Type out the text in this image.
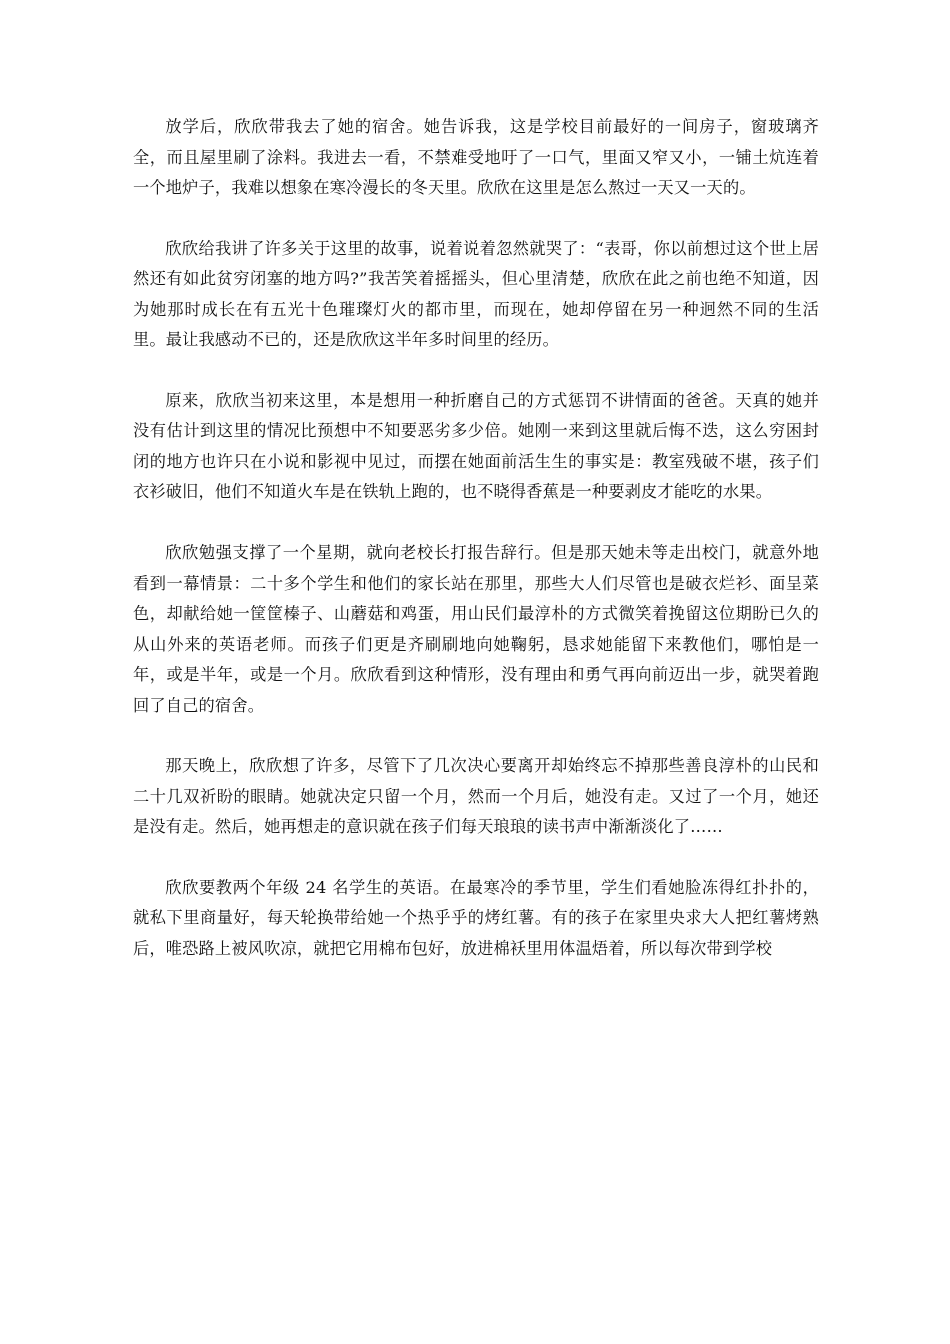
放学后，欣欣带我去了她的宿舍。她告诉我，这是学校目前最好的一间房子，窗玻璃齐全，而且屋里刷了涂料。我进去一看，不禁难受地吁了一口气，里面又窄又小，一铺土炕连着一个地炉子，我难以想象在寒冷漫长的冬天里。欣欣在这里是怎么熬过一天又一天的。

欣欣给我讲了许多关于这里的故事，说着说着忽然就哭了：“表哥，你以前想过这个世上居然还有如此贫穷闭塞的地方吗?”我苦笑着摇摇头，但心里清楚，欣欣在此之前也绝不知道，因为她那时成长在有五光十色璀璨灯火的都市里，而现在，她却停留在另一种迥然不同的生活里。最让我感动不已的，还是欣欣这半年多时间里的经历。

原来，欣欣当初来这里，本是想用一种折磨自己的方式惩罚不讲情面的爸爸。天真的她并没有估计到这里的情况比预想中不知要恶劣多少倍。她刚一来到这里就后悔不迭，这么穷困封闭的地方也许只在小说和影视中见过，而摆在她面前活生生的事实是：教室残破不堪，孩子们衣衫破旧，他们不知道火车是在铁轨上跑的，也不晓得香蕉是一种要剥皮才能吃的水果。

欣欣勉强支撑了一个星期，就向老校长打报告辞行。但是那天她未等走出校门，就意外地看到一幕情景：二十多个学生和他们的家长站在那里，那些大人们尽管也是破衣烂衫、面呈菜色，却献给她一筐筐榛子、山蘑菇和鸡蛋，用山民们最淳朴的方式微笑着挽留这位期盼已久的从山外来的英语老师。而孩子们更是齐刷刷地向她鞠躬，恳求她能留下来教他们，哪怕是一年，或是半年，或是一个月。欣欣看到这种情形，没有理由和勇气再向前迈出一步，就哭着跑回了自己的宿舍。

那天晚上，欣欣想了许多，尽管下了几次决心要离开却始终忘不掉那些善良淳朴的山民和二十几双祈盼的眼睛。她就决定只留一个月，然而一个月后，她没有走。又过了一个月，她还是没有走。然后，她再想走的意识就在孩子们每天琅琅的读书声中渐渐淡化了……

欣欣要教两个年级 24 名学生的英语。在最寒冷的季节里，学生们看她脸冻得红扑扑的，就私下里商量好，每天轮换带给她一个热乎乎的烤红薯。有的孩子在家里央求大人把红薯烤熟后，唯恐路上被风吹凉，就把它用棉布包好，放进棉袄里用体温焐着，所以每次带到学校
